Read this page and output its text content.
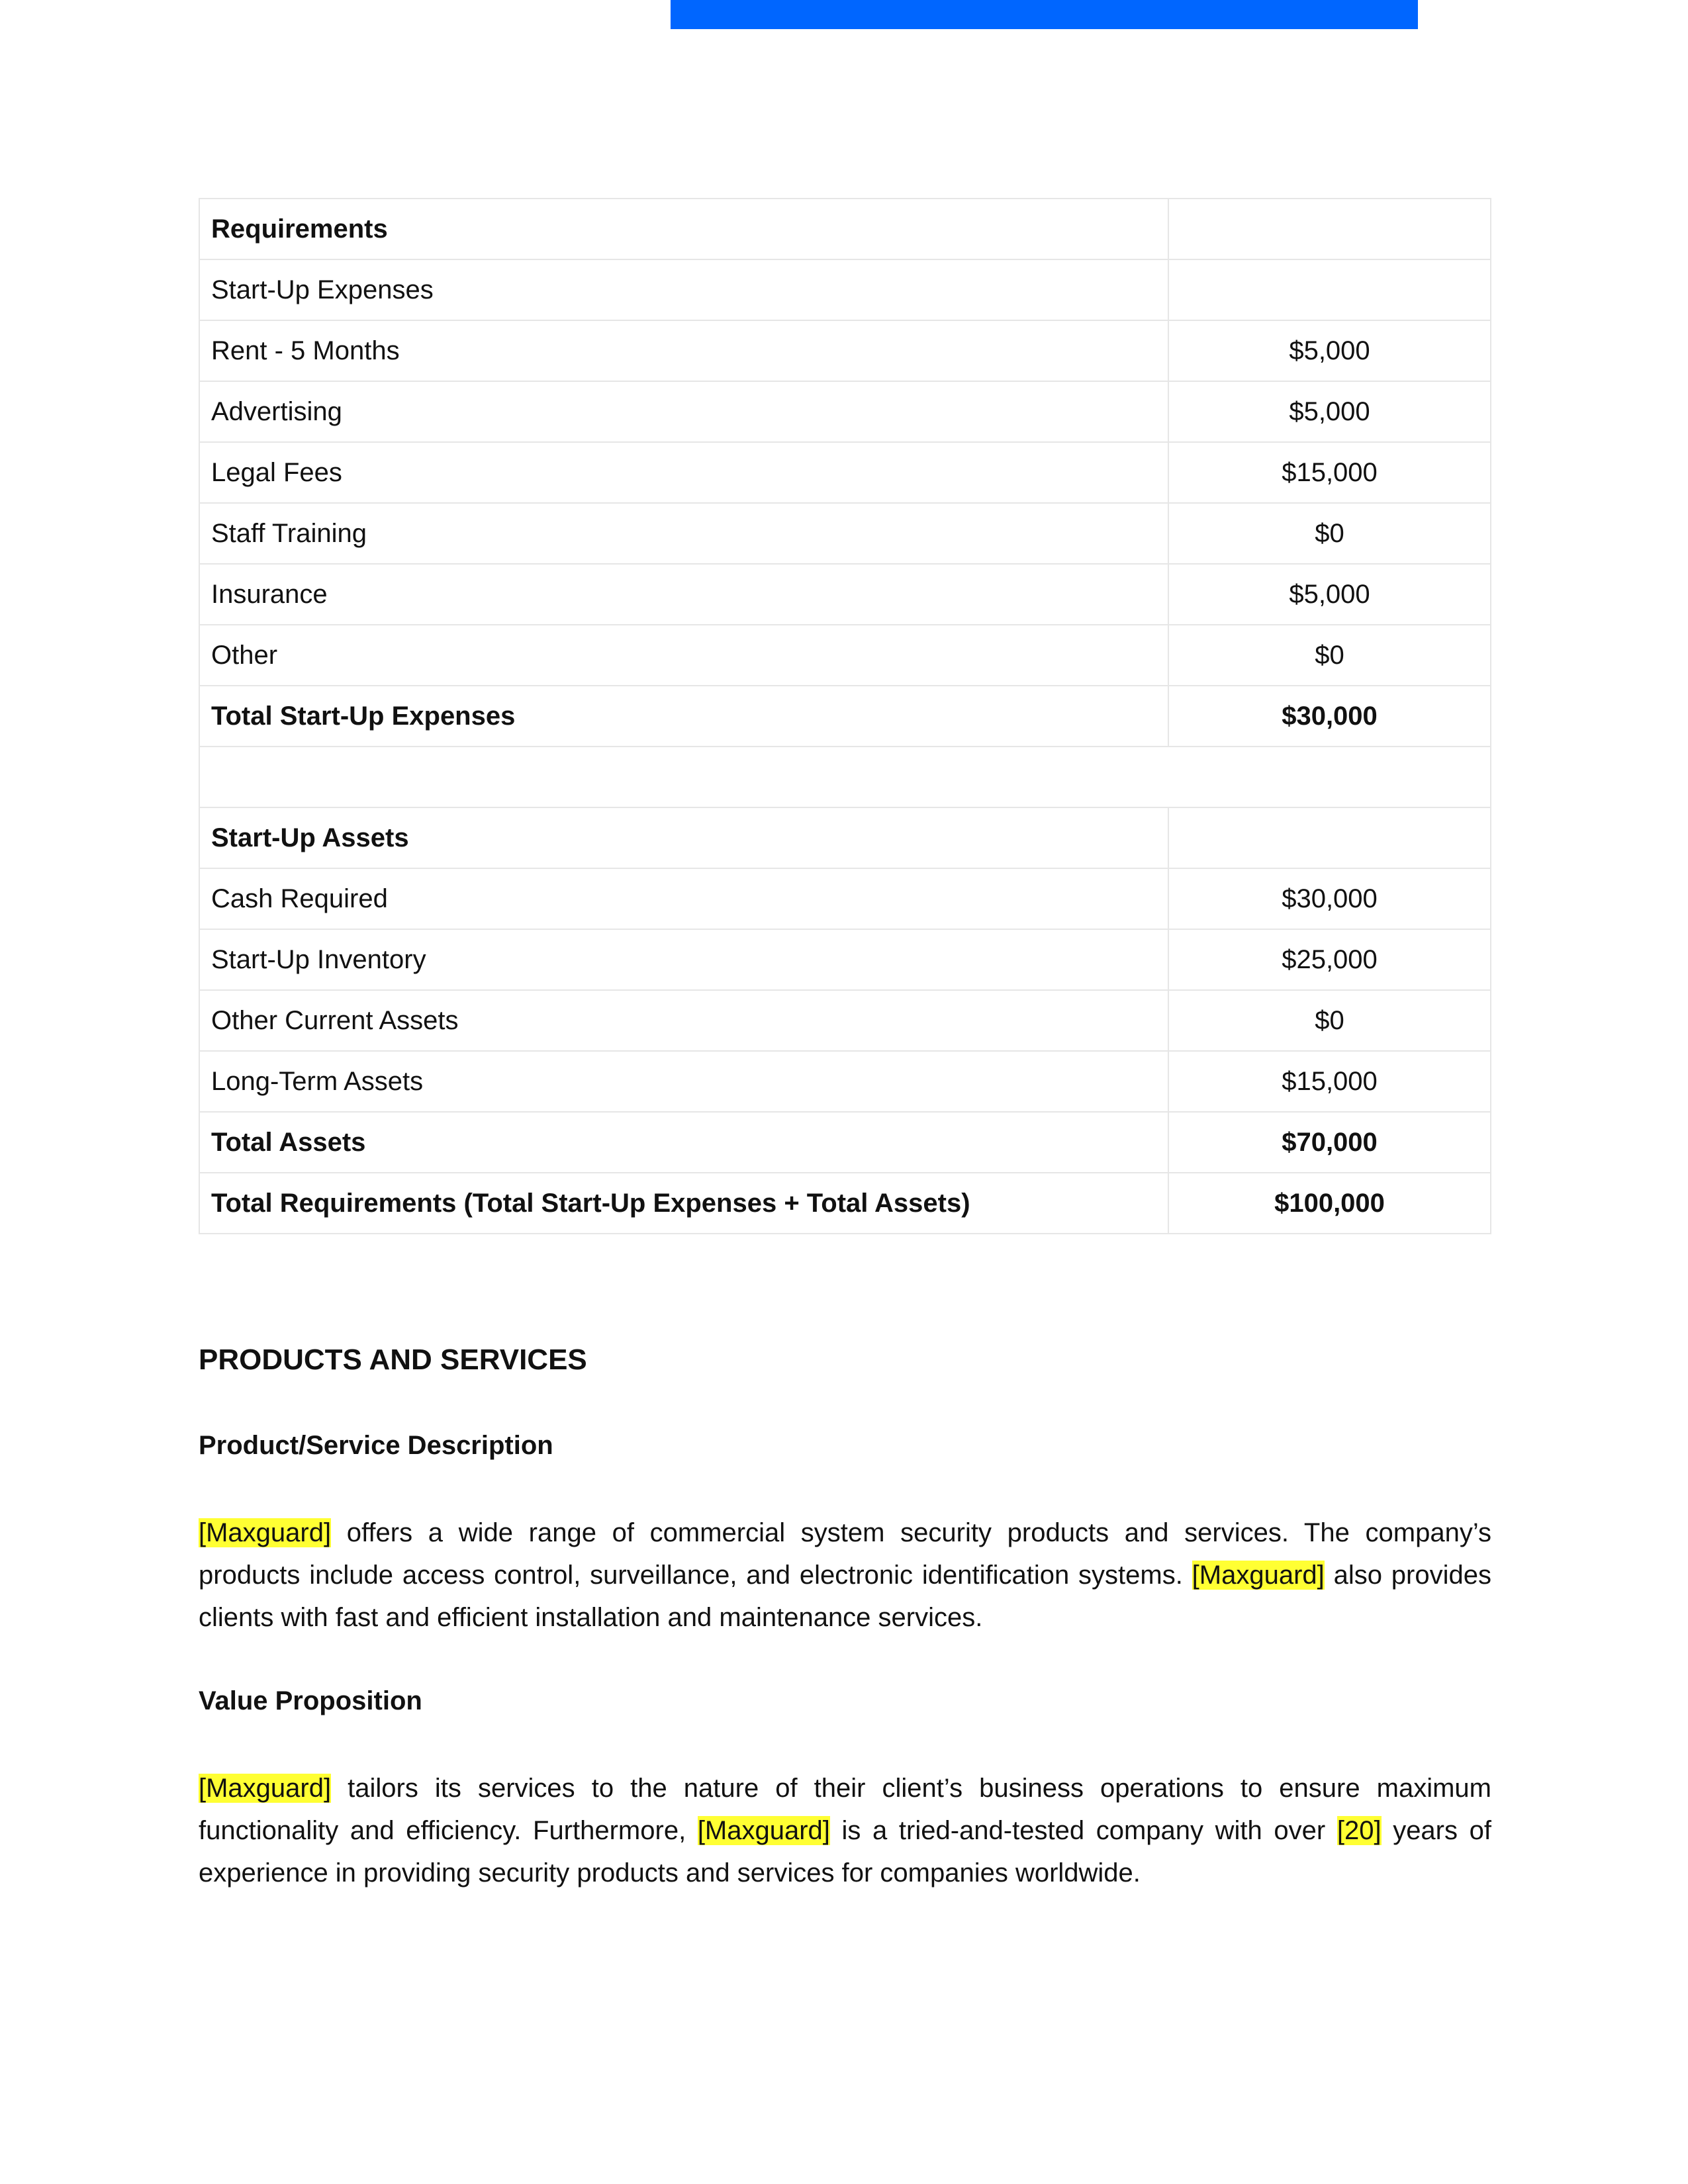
Requirements	
Start-Up Expenses	
Rent - 5 Months	$5,000
Advertising	$5,000
Legal Fees	$15,000
Staff Training	$0
Insurance	$5,000
Other	$0
Total Start-Up Expenses	$30,000

Start-Up Assets	
Cash Required	$30,000
Start-Up Inventory	$25,000
Other Current Assets	$0
Long-Term Assets	$15,000
Total Assets	$70,000
Total Requirements (Total Start-Up Expenses + Total Assets)	$100,000
PRODUCTS AND SERVICES
Product/Service Description

[Maxguard] offers a wide range of commercial system security products and services. The company’s products include access control, surveillance, and electronic identification systems. [Maxguard] also provides clients with fast and efficient installation and maintenance services.

Value Proposition

[Maxguard] tailors its services to the nature of their client’s business operations to ensure maximum functionality and efficiency. Furthermore, [Maxguard] is a tried-and-tested company with over [20] years of experience in providing security products and services for companies worldwide.
